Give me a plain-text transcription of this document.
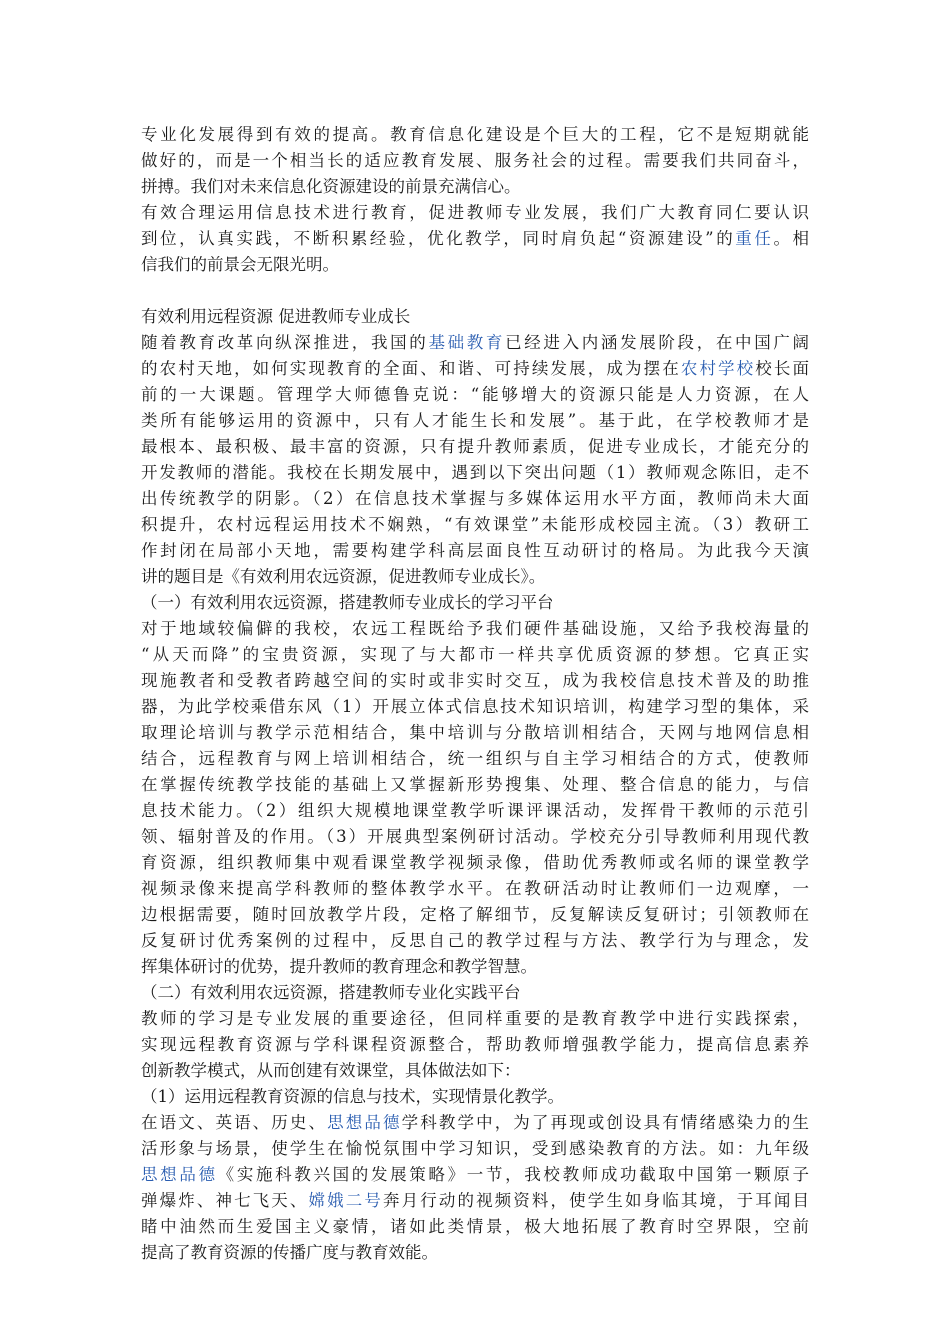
专业化发展得到有效的提高。教育信息化建设是个巨大的工程，它不是短期就能
做好的，而是一个相当长的适应教育发展、服务社会的过程。需要我们共同奋斗，
拼搏。我们对未来信息化资源建设的前景充满信心。
有效合理运用信息技术进行教育，促进教师专业发展，我们广大教育同仁要认识
到位，认真实践，不断积累经验，优化教学，同时肩负起“资源建设”的重任。相
信我们的前景会无限光明。
有效利用远程资源 促进教师专业成长
随着教育改革向纵深推进，我国的基础教育已经进入内涵发展阶段，在中国广阔
的农村天地，如何实现教育的全面、和谐、可持续发展，成为摆在农村学校校长面
前的一大课题。管理学大师德鲁克说：“能够增大的资源只能是人力资源，在人
类所有能够运用的资源中，只有人才能生长和发展”。基于此，在学校教师才是
最根本、最积极、最丰富的资源，只有提升教师素质，促进专业成长，才能充分的
开发教师的潜能。我校在长期发展中，遇到以下突出问题（1）教师观念陈旧，走不
出传统教学的阴影。（2）在信息技术掌握与多媒体运用水平方面，教师尚未大面
积提升，农村远程运用技术不娴熟，“有效课堂”未能形成校园主流。（3）教研工
作封闭在局部小天地，需要构建学科高层面良性互动研讨的格局。为此我今天演
讲的题目是《有效利用农远资源，促进教师专业成长》。
（一）有效利用农远资源，搭建教师专业成长的学习平台
对于地域较偏僻的我校，农远工程既给予我们硬件基础设施，又给予我校海量的
“从天而降”的宝贵资源，实现了与大都市一样共享优质资源的梦想。它真正实
现施教者和受教者跨越空间的实时或非实时交互，成为我校信息技术普及的助推
器，为此学校乘借东风（1）开展立体式信息技术知识培训，构建学习型的集体，采
取理论培训与教学示范相结合，集中培训与分散培训相结合，天网与地网信息相
结合，远程教育与网上培训相结合，统一组织与自主学习相结合的方式，使教师
在掌握传统教学技能的基础上又掌握新形势搜集、处理、整合信息的能力，与信
息技术能力。（2）组织大规模地课堂教学听课评课活动，发挥骨干教师的示范引
领、辐射普及的作用。（3）开展典型案例研讨活动。学校充分引导教师利用现代教
育资源，组织教师集中观看课堂教学视频录像，借助优秀教师或名师的课堂教学
视频录像来提高学科教师的整体教学水平。在教研活动时让教师们一边观摩，一
边根据需要，随时回放教学片段，定格了解细节，反复解读反复研讨；引领教师在
反复研讨优秀案例的过程中，反思自己的教学过程与方法、教学行为与理念，发
挥集体研讨的优势，提升教师的教育理念和教学智慧。
（二）有效利用农远资源，搭建教师专业化实践平台
教师的学习是专业发展的重要途径，但同样重要的是教育教学中进行实践探索，
实现远程教育资源与学科课程资源整合，帮助教师增强教学能力，提高信息素养
创新教学模式，从而创建有效课堂，具体做法如下：
（1）运用远程教育资源的信息与技术，实现情景化教学。
在语文、英语、历史、思想品德学科教学中，为了再现或创设具有情绪感染力的生
活形象与场景，使学生在愉悦氛围中学习知识，受到感染教育的方法。如：九年级
思想品德《实施科教兴国的发展策略》一节，我校教师成功截取中国第一颗原子
弹爆炸、神七飞天、嫦娥二号奔月行动的视频资料，使学生如身临其境，于耳闻目
睹中油然而生爱国主义豪情，诸如此类情景，极大地拓展了教育时空界限，空前
提高了教育资源的传播广度与教育效能。
